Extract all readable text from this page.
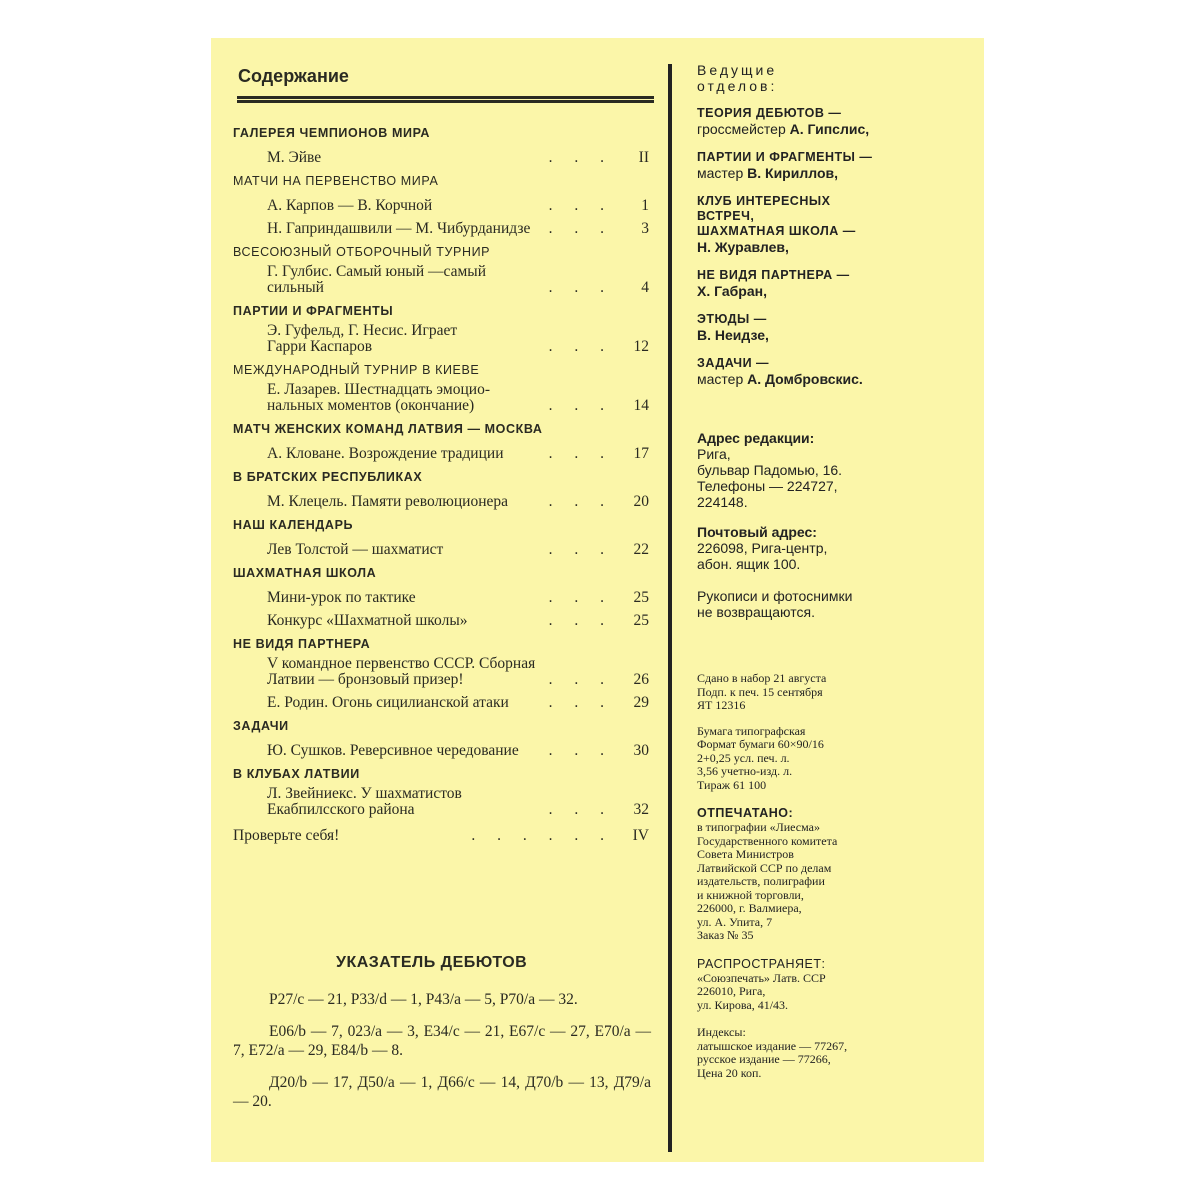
Содержание
ГАЛЕРЕЯ ЧЕМПИОНОВ МИРА
М. Эйве	. . .	II
МАТЧИ НА ПЕРВЕНСТВО МИРА
А. Карпов — В. Корчной	. . .	1
Н. Гаприндашвили — М. Чибурданидзе	. . .	3
ВСЕСОЮЗНЫЙ ОТБОРОЧНЫЙ ТУРНИР
Г. Гулбис. Самый юный —самый
сильный	. . .	4
ПАРТИИ И ФРАГМЕНТЫ
Э. Гуфельд, Г. Несис. Играет
Гарри Каспаров	. . .	12
МЕЖДУНАРОДНЫЙ ТУРНИР В КИЕВЕ
Е. Лазарев. Шестнадцать эмоцио-
нальных моментов (окончание)	. . .	14
МАТЧ ЖЕНСКИХ КОМАНД ЛАТВИЯ — МОСКВА
А. Кловане. Возрождение традиции	. . .	17
В БРАТСКИХ РЕСПУБЛИКАХ
М. Клецель. Памяти революционера	. . .	20
НАШ КАЛЕНДАРЬ
Лев Толстой — шахматист	. . .	22
ШАХМАТНАЯ ШКОЛА
Мини-урок по тактике	. . .	25
Конкурс «Шахматной школы»	. . .	25
НЕ ВИДЯ ПАРТНЕРА
V командное первенство СССР. Сборная
Латвии — бронзовый призер!	. . .	26
Е. Родин. Огонь сицилианской атаки	. . .	29
ЗАДАЧИ
Ю. Сушков. Реверсивное чередование	. . .	30
В КЛУБАХ ЛАТВИИ
Л. Звейниекс. У шахматистов
Екабпилсского района	. . .	32
Проверьте себя!	. . . . . .	IV
УКАЗАТЕЛЬ ДЕБЮТОВ

Р27/с — 21, Р33/d — 1, Р43/а — 5, Р70/а — 32.

Е06/b — 7, 023/а — 3, Е34/с — 21, Е67/с — 27, Е70/а — 7, Е72/а — 29, Е84/b — 8.

Д20/b — 17, Д50/а — 1, Д66/с — 14, Д70/b — 13, Д79/а — 20.

Ведущие
отделов:
ТЕОРИЯ ДЕБЮТОВ —
гроссмейстер А. Гипслис,
ПАРТИИ И ФРАГМЕНТЫ —
мастер В. Кириллов,
КЛУБ ИНТЕРЕСНЫХ
ВСТРЕЧ,
ШАХМАТНАЯ ШКОЛА —
Н. Журавлев,
НЕ ВИДЯ ПАРТНЕРА —
Х. Габран,
ЭТЮДЫ —
В. Неидзе,
ЗАДАЧИ —
мастер А. Домбровскис.
Адрес редакции:
Рига,
бульвар Падомью, 16.
Телефоны — 224727,
224148.
Почтовый адрес:
226098, Рига-центр,
абон. ящик 100.
Рукописи и фотоснимки
не возвращаются.
Сдано в набор 21 августа
Подп. к печ. 15 сентября
ЯТ 12316
Бумага типографская
Формат бумаги 60×90/16
2+0,25 усл. печ. л.
3,56 учетно-изд. л.
Тираж 61 100
ОТПЕЧАТАНО:
в типографии «Лиесма»
Государственного комитета
Совета Министров
Латвийской ССР по делам
издательств, полиграфии
и книжной торговли,
226000, г. Валмиера,
ул. А. Упита, 7
Заказ № 35
РАСПРОСТРАНЯЕТ:
«Союзпечать» Латв. ССР
226010, Рига,
ул. Кирова, 41/43.
Индексы:
латышское издание — 77267,
русское издание — 77266,
Цена 20 коп.
